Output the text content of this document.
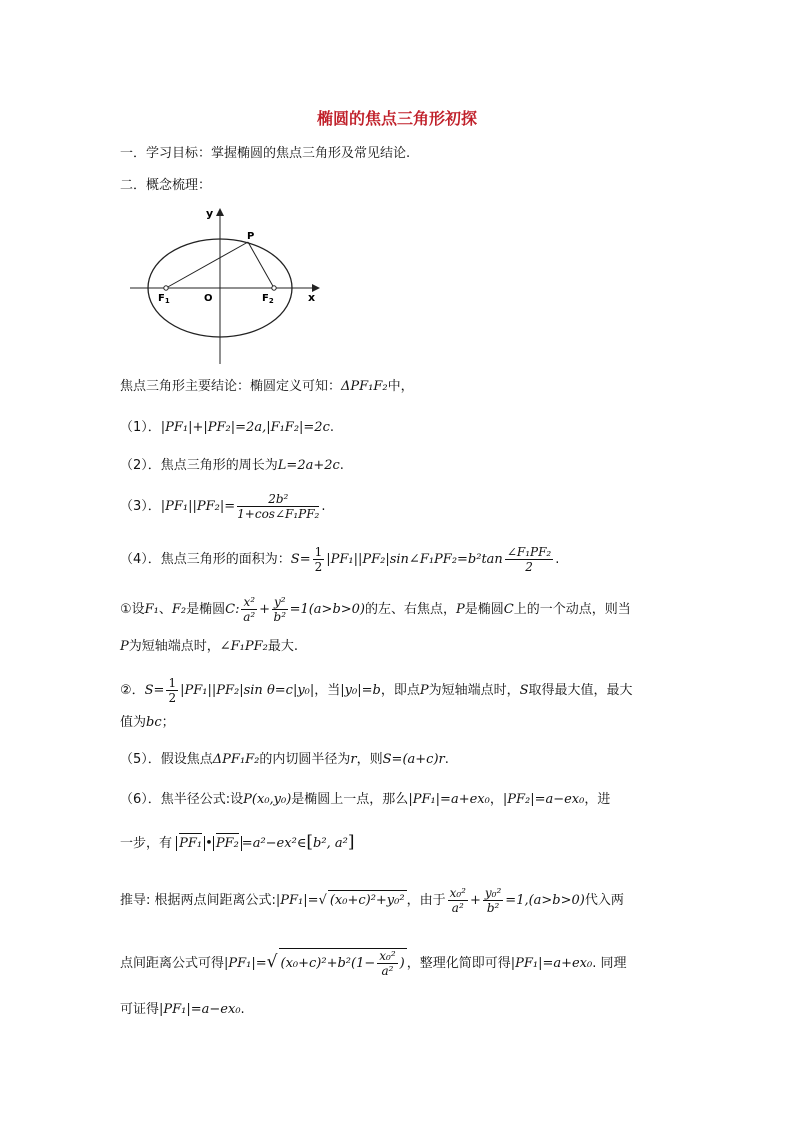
椭圆的焦点三角形初探
一．学习目标：掌握椭圆的焦点三角形及常见结论.
二．概念梳理：
y
x
P
$F_1$	O	$F_2$
焦点三角形主要结论：椭圆定义可知：ΔPF₁F₂中，
（1）．|PF₁|+|PF₂|=2a,|F₁F₂|=2c.
（2）．焦点三角形的周长为L=2a+2c.
（3）．$|PF_1||PF_2|= \frac{\text{2b²}}{\text{1+cos∠F₁PF₂}}$ .
（4）．焦点三角形的面积为：$S= \frac{1}{2}$ |PF₁||PF₂|sin∠F₁PF₂=b²tan $\frac{\text{∠F₁PF₂}}{2}$ .
①设F₁、F₂是椭圆C: $\frac{\text{x²}}{\text{a²}} + \frac{\text{y²}}{\text{b²}} =1(a>b>0)$的左、右焦点，P是椭圆C上的一个动点，则当
P为短轴端点时，∠F₁PF₂最大.
②．$S= \frac{1}{2} |PF_1||PF_2|\sin$ θ=c|y₀|，当|y₀|=b，即点P为短轴端点时，S取得最大值，最大
值为bc；
（5）．假设焦点ΔPF₁F₂的内切圆半径为r，则S=(a+c)r.
（6）．焦半径公式:设P(x₀,y₀)是椭圆上一点，那么|PF₁|=a+ex₀，|PF₂|=a−ex₀，进
一步，有 PF₁ • PF₂ =a²−ex²∈[b², a²]
推导: 根据两点间距离公式:|PF₁|=√ (x₀+c)²+y₀² ，由于 $\frac{\text{x₀²}}{\text{a²}} + \frac{\text{y₀²}}{\text{b²}} =1,(a>b>0)$代入两
点间距离公式可得|PF₁|=√ $(x_0+c)^2+b^2(1- \frac{\text{x₀²}}{\text{a²}}$ ) ，整理化简即可得|PF₁|=a+ex₀. 同理
可证得|PF₁|=a−ex₀.
